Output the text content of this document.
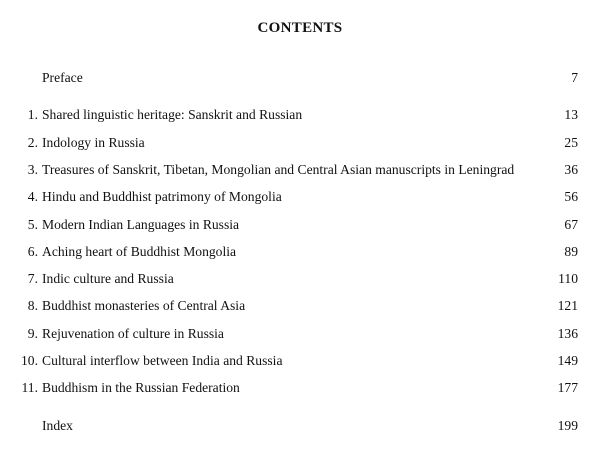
CONTENTS
Preface	7
1. Shared linguistic heritage: Sanskrit and Russian	13
2. Indology in Russia	25
3. Treasures of Sanskrit, Tibetan, Mongolian and Central Asian manuscripts in Leningrad	36
4. Hindu and Buddhist patrimony of Mongolia	56
5. Modern Indian Languages in Russia	67
6. Aching heart of Buddhist Mongolia	89
7. Indic culture and Russia	110
8. Buddhist monasteries of Central Asia	121
9. Rejuvenation of culture in Russia	136
10. Cultural interflow between India and Russia	149
11. Buddhism in the Russian Federation	177
Index	199
